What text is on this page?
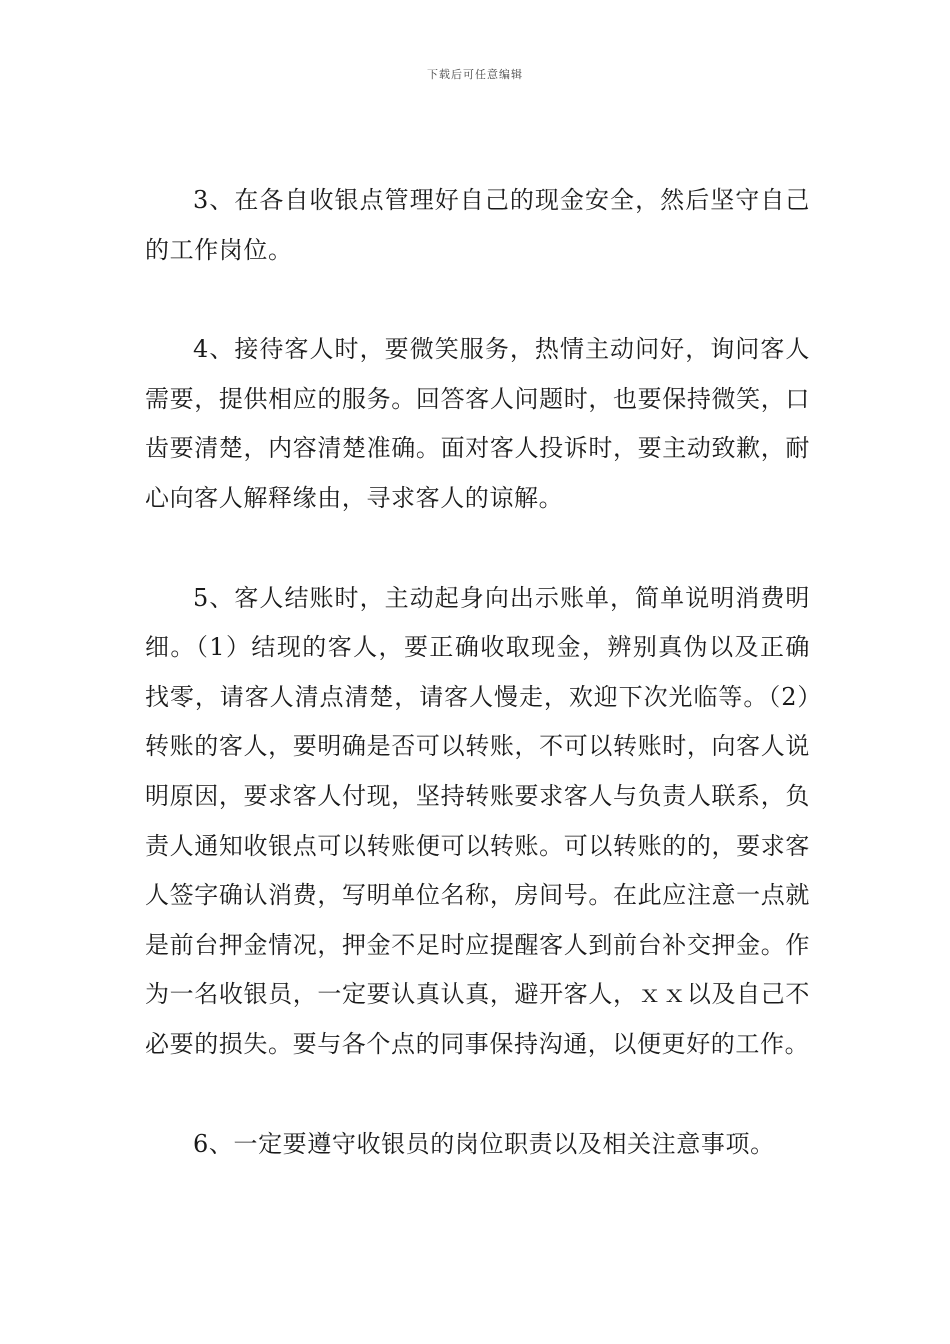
下载后可任意编辑

3、在各自收银点管理好自己的现金安全，然后坚守自己的工作岗位。

4、接待客人时，要微笑服务，热情主动问好，询问客人需要，提供相应的服务。回答客人问题时，也要保持微笑，口齿要清楚，内容清楚准确。面对客人投诉时，要主动致歉，耐心向客人解释缘由，寻求客人的谅解。

5、客人结账时，主动起身向出示账单，简单说明消费明细。（1）结现的客人，要正确收取现金，辨别真伪以及正确找零，请客人清点清楚，请客人慢走，欢迎下次光临等。（2）转账的客人，要明确是否可以转账，不可以转账时，向客人说明原因，要求客人付现，坚持转账要求客人与负责人联系，负责人通知收银点可以转账便可以转账。可以转账的的，要求客人签字确认消费，写明单位名称，房间号。在此应注意一点就是前台押金情况，押金不足时应提醒客人到前台补交押金。作为一名收银员，一定要认真认真，避开客人，ｘｘ以及自己不必要的损失。要与各个点的同事保持沟通，以便更好的工作。

6、一定要遵守收银员的岗位职责以及相关注意事项。
